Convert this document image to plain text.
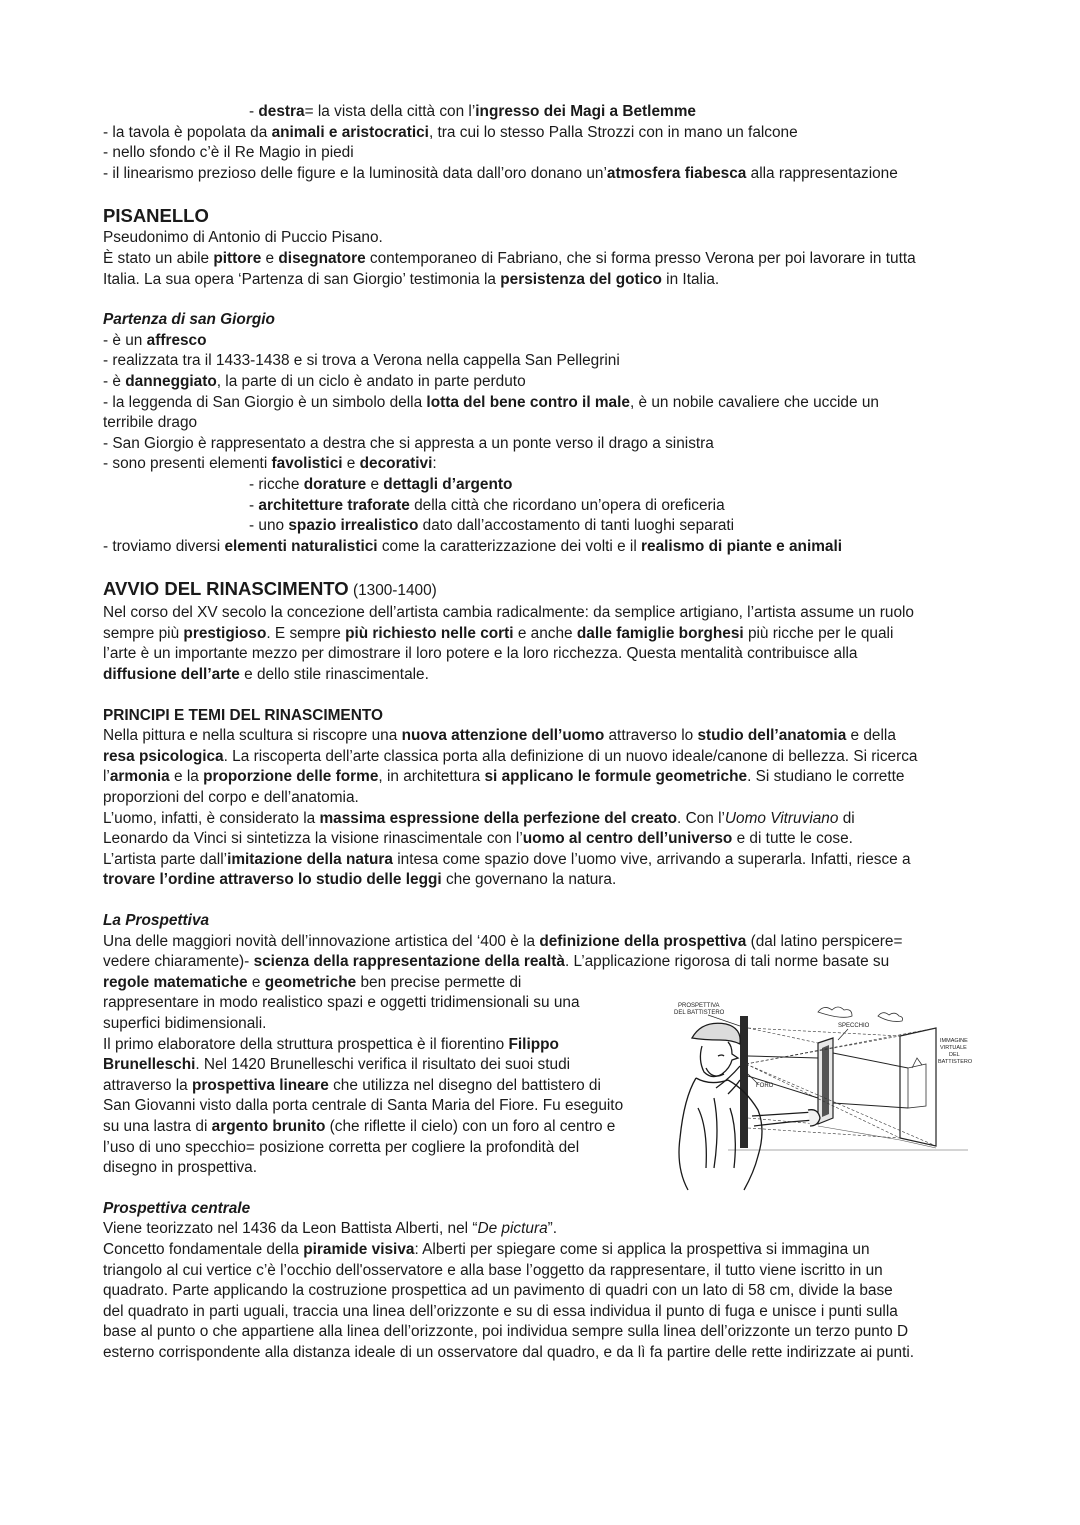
- destra= la vista della città con l’ingresso dei Magi a Betlemme
- la tavola è popolata da animali e aristocratici, tra cui lo stesso Palla Strozzi con in mano un falcone
- nello sfondo c’è il Re Magio in piedi
- il linearismo prezioso delle figure e la luminosità data dall’oro donano un’atmosfera fiabesca alla rappresentazione
PISANELLO
Pseudonimo di Antonio di Puccio Pisano.
È stato un abile pittore e disegnatore contemporaneo di Fabriano, che si forma presso Verona per poi lavorare in tutta
Italia. La sua opera ‘Partenza di san Giorgio’ testimonia la persistenza del gotico in Italia.
Partenza di san Giorgio
- è un affresco
- realizzata tra il 1433-1438 e si trova a Verona nella cappella San Pellegrini
- è danneggiato, la parte di un ciclo è andato in parte perduto
- la leggenda di San Giorgio è un simbolo della lotta del bene contro il male, è un nobile cavaliere che uccide un
terribile drago
- San Giorgio è rappresentato a destra che si appresta a un ponte verso il drago a sinistra
- sono presenti elementi favolistici e decorativi:
- ricche dorature e dettagli d’argento
- architetture traforate della città che ricordano un’opera di oreficeria
- uno spazio irrealistico dato dall’accostamento di tanti luoghi separati
- troviamo diversi elementi naturalistici come la caratterizzazione dei volti e il realismo di piante e animali
AVVIO DEL RINASCIMENTO (1300-1400)
Nel corso del XV secolo la concezione dell’artista cambia radicalmente: da semplice artigiano, l’artista assume un ruolo
sempre più prestigioso. E sempre più richiesto nelle corti e anche dalle famiglie borghesi più ricche per le quali
l’arte è un importante mezzo per dimostrare il loro potere e la loro ricchezza. Questa mentalità contribuisce alla
diffusione dell’arte e dello stile rinascimentale.
PRINCIPI E TEMI DEL RINASCIMENTO
Nella pittura e nella scultura si riscopre una nuova attenzione dell’uomo attraverso lo studio dell’anatomia e della
resa psicologica. La riscoperta dell’arte classica porta alla definizione di un nuovo ideale/canone di bellezza. Si ricerca
l’armonia e la proporzione delle forme, in architettura si applicano le formule geometriche. Si studiano le corrette
proporzioni del corpo e dell’anatomia.
L’uomo, infatti, è considerato la massima espressione della perfezione del creato. Con l’Uomo Vitruviano di
Leonardo da Vinci si sintetizza la visione rinascimentale con l’uomo al centro dell’universo e di tutte le cose.
L’artista parte dall’imitazione della natura intesa come spazio dove l’uomo vive, arrivando a superarla. Infatti, riesce a
trovare l’ordine attraverso lo studio delle leggi che governano la natura.
La Prospettiva
Una delle maggiori novità dell’innovazione artistica del ‘400 è la definizione della prospettiva (dal latino perspicere=
vedere chiaramente)- scienza della rappresentazione della realtà. L’applicazione rigorosa di tali norme basate su
regole matematiche e geometriche ben precise permette di
rappresentare in modo realistico spazi e oggetti tridimensionali su una
superfici bidimensionali.
Il primo elaboratore della struttura prospettica è il fiorentino Filippo
Brunelleschi. Nel 1420 Brunelleschi verifica il risultato dei suoi studi
attraverso la prospettiva lineare che utilizza nel disegno del battistero di
San Giovanni visto dalla porta centrale di Santa Maria del Fiore. Fu eseguito
su una lastra di argento brunito (che riflette il cielo) con un foro al centro e
l’uso di uno specchio= posizione corretta per cogliere la profondità del
disegno in prospettiva.
Prospettiva centrale
Viene teorizzato nel 1436 da Leon Battista Alberti, nel “De pictura”.
Concetto fondamentale della piramide visiva: Alberti per spiegare come si applica la prospettiva si immagina un
triangolo al cui vertice c’è l’occhio dell'osservatore e alla base l’oggetto da rappresentare, il tutto viene iscritto in un
quadrato. Parte applicando la costruzione prospettica ad un pavimento di quadri con un lato di 58 cm, divide la base
del quadrato in parti uguali, traccia una linea dell’orizzonte e su di essa individua il punto di fuga e unisce i punti sulla
base al punto o che appartiene alla linea dell’orizzonte, poi individua sempre sulla linea dell’orizzonte un terzo punto D
esterno corrispondente alla distanza ideale di un osservatore dal quadro, e da lì fa partire delle rette indirizzate ai punti.
PROSPETTIVA
DEL BATTISTERO
SPECCHIO
IMMAGINE
VIRTUALE
DEL
BATTISTERO
FORO
